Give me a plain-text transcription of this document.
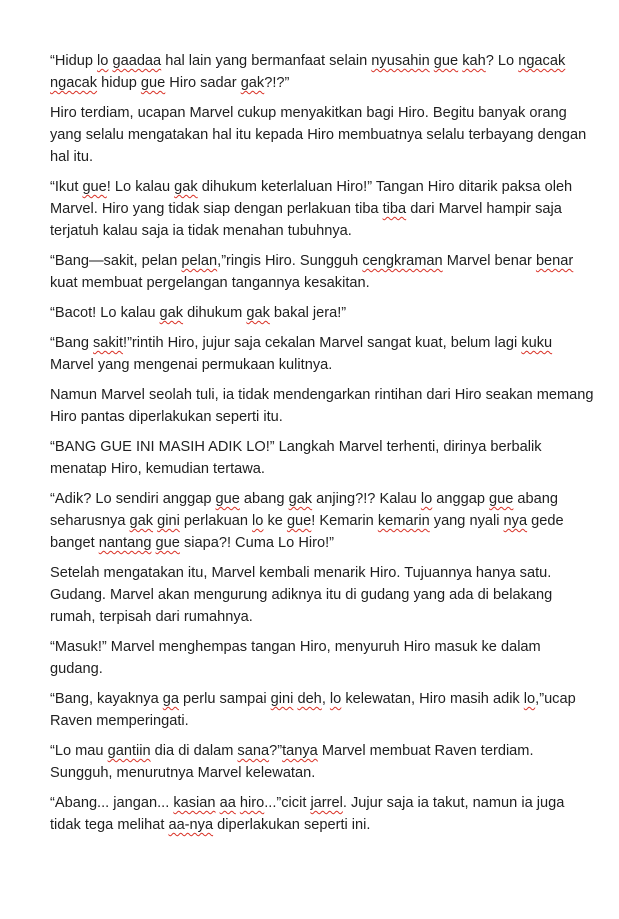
“Hidup lo gaadaa hal lain yang bermanfaat selain nyusahin gue kah? Lo ngacak ngacak hidup gue Hiro sadar gak?!?”

Hiro terdiam, ucapan Marvel cukup menyakitkan bagi Hiro. Begitu banyak orang yang selalu mengatakan hal itu kepada Hiro membuatnya selalu terbayang dengan hal itu.

“Ikut gue! Lo kalau gak dihukum keterlaluan Hiro!” Tangan Hiro ditarik paksa oleh Marvel. Hiro yang tidak siap dengan perlakuan tiba tiba dari Marvel hampir saja terjatuh kalau saja ia tidak menahan tubuhnya.

“Bang—sakit, pelan pelan,”ringis Hiro. Sungguh cengkraman Marvel benar benar kuat membuat pergelangan tangannya kesakitan.

“Bacot! Lo kalau gak dihukum gak bakal jera!”

“Bang sakit!”rintih Hiro, jujur saja cekalan Marvel sangat kuat, belum lagi kuku Marvel yang mengenai permukaan kulitnya.

Namun Marvel seolah tuli, ia tidak mendengarkan rintihan dari Hiro seakan memang Hiro pantas diperlakukan seperti itu.

“BANG GUE INI MASIH ADIK LO!” Langkah Marvel terhenti, dirinya berbalik menatap Hiro, kemudian tertawa.

“Adik? Lo sendiri anggap gue abang gak anjing?!? Kalau lo anggap gue abang seharusnya gak gini perlakuan lo ke gue! Kemarin kemarin yang nyali nya gede banget nantang gue siapa?! Cuma Lo Hiro!”

Setelah mengatakan itu, Marvel kembali menarik Hiro. Tujuannya hanya satu. Gudang. Marvel akan mengurung adiknya itu di gudang yang ada di belakang rumah, terpisah dari rumahnya.

“Masuk!” Marvel menghempas tangan Hiro, menyuruh Hiro masuk ke dalam gudang.

“Bang, kayaknya ga perlu sampai gini deh, lo kelewatan, Hiro masih adik lo,”ucap Raven memperingati.

“Lo mau gantiin dia di dalam sana?”tanya Marvel membuat Raven terdiam. Sungguh, menurutnya Marvel kelewatan.

“Abang... jangan... kasian aa hiro...”cicit jarrel. Jujur saja ia takut, namun ia juga tidak tega melihat aa-nya diperlakukan seperti ini.
